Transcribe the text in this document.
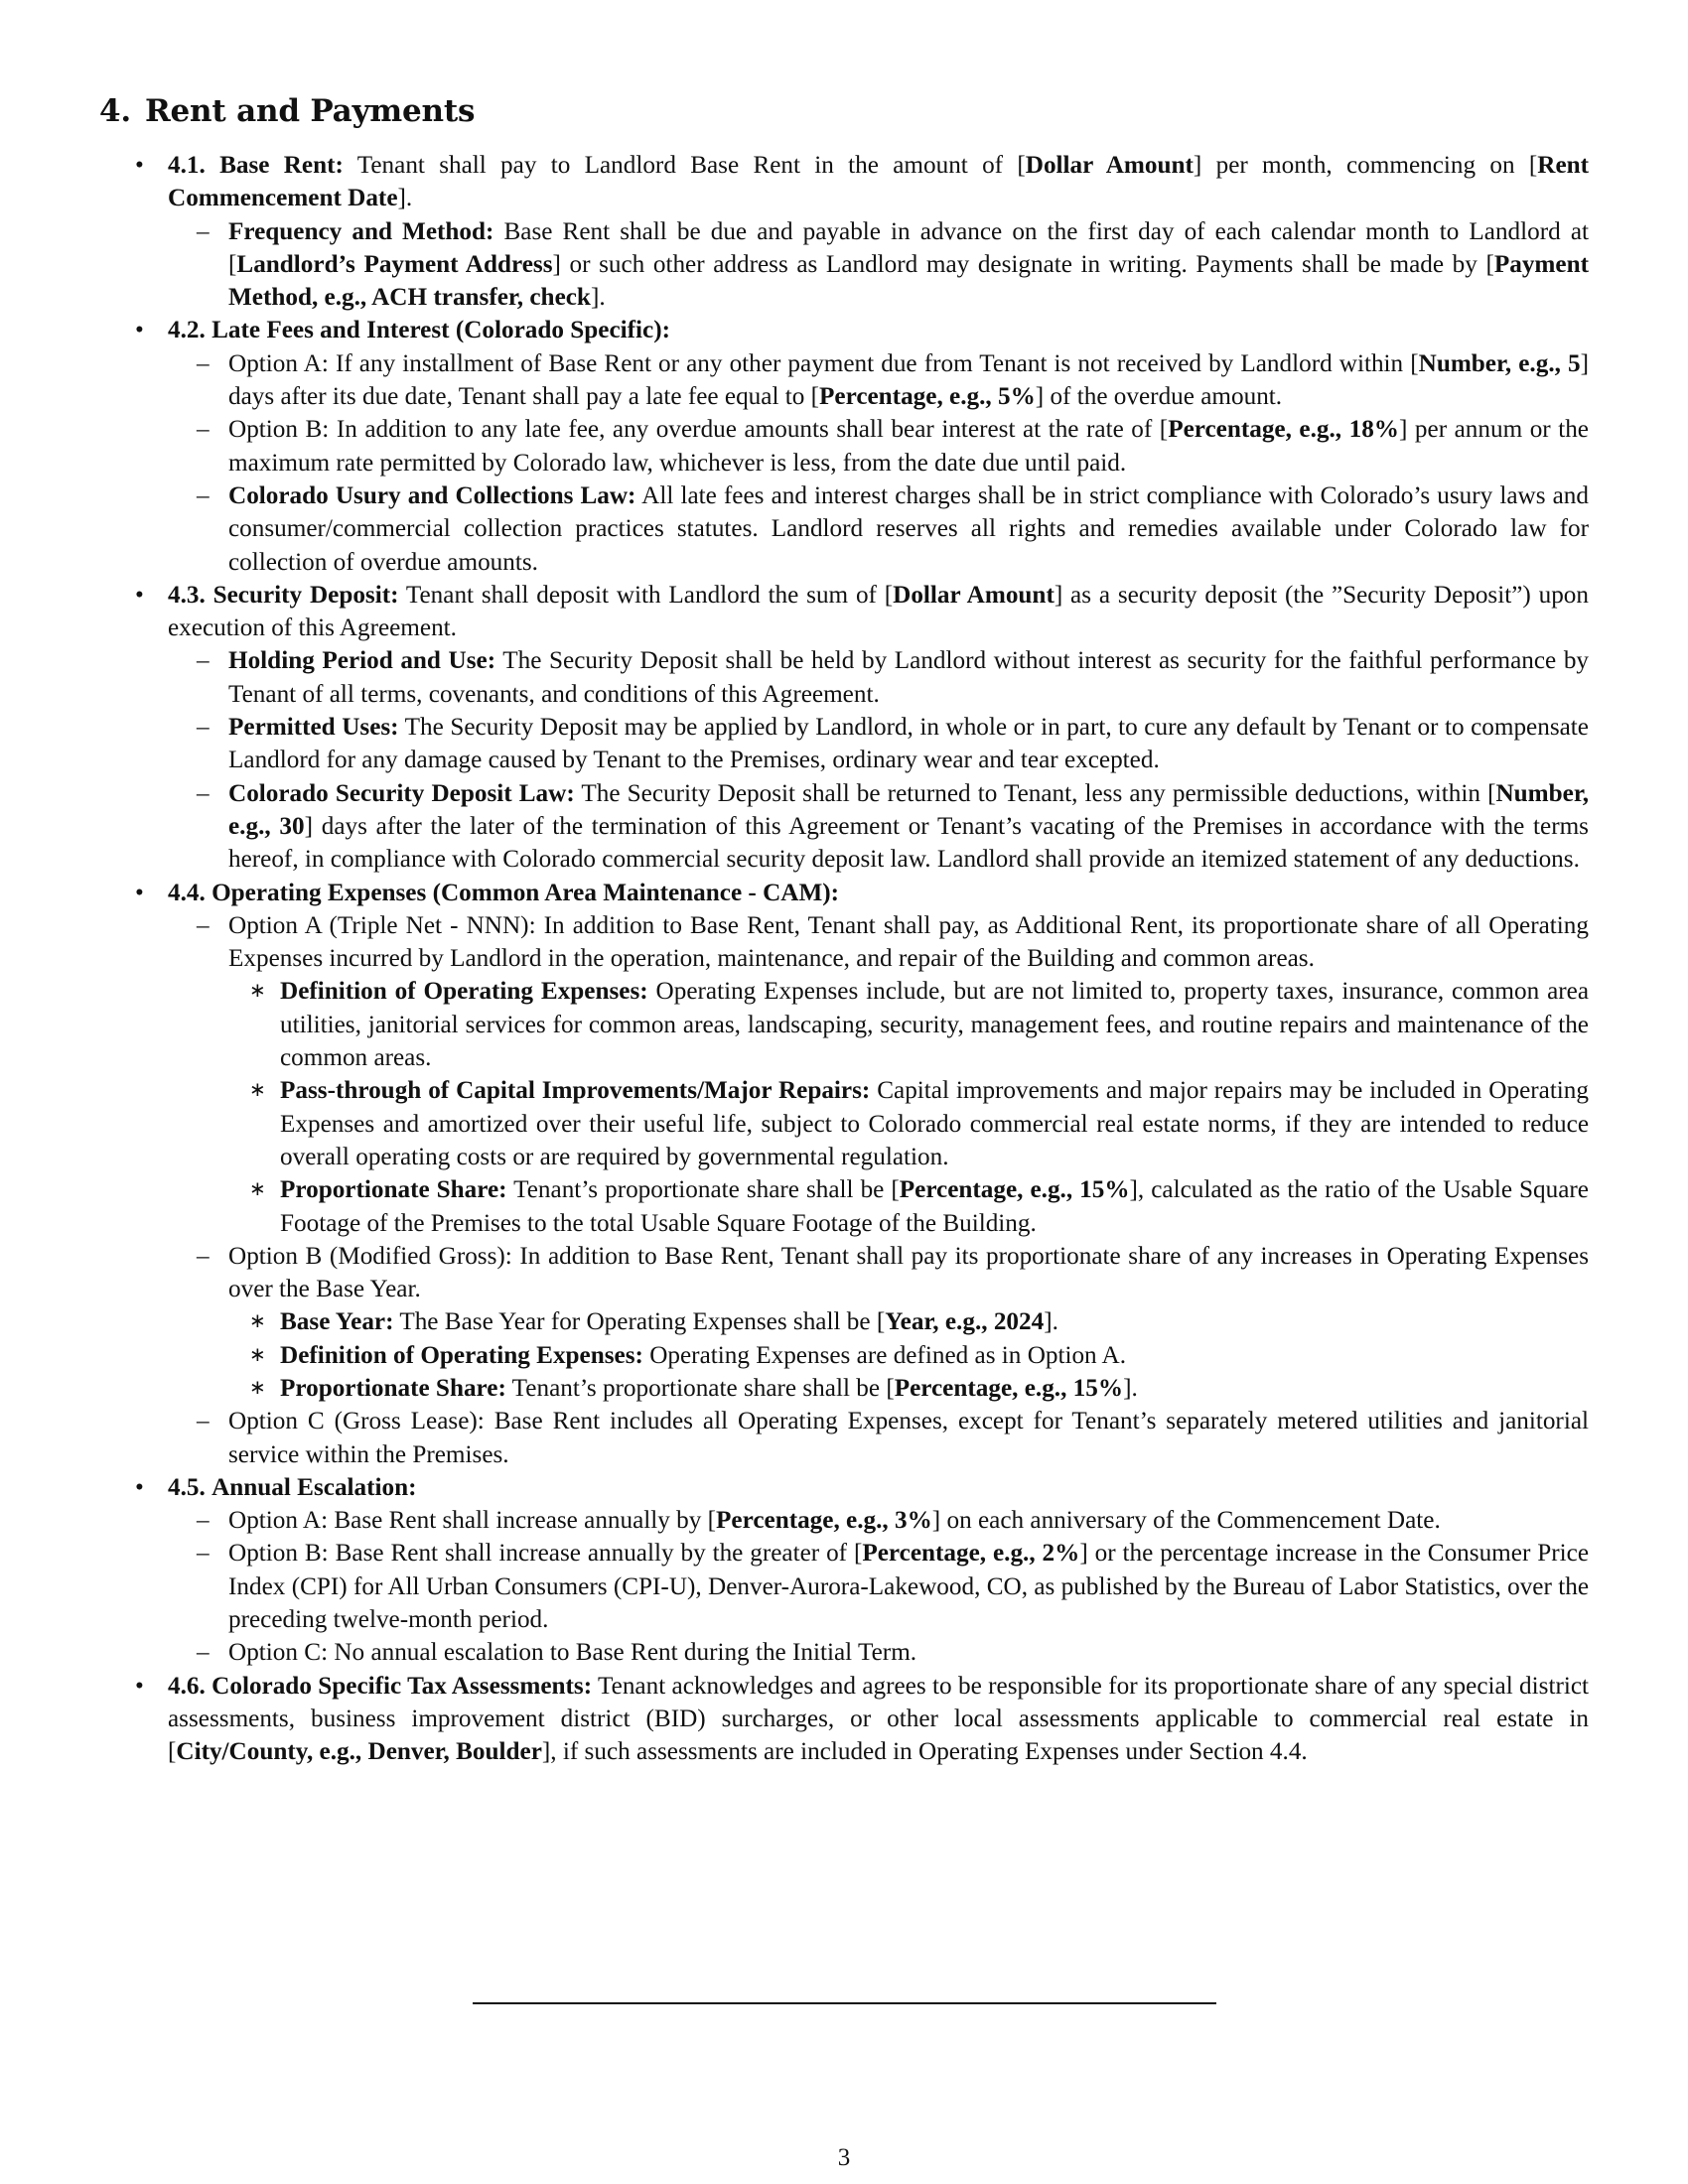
4. Rent and Payments
• 4.1. Base Rent: Tenant shall pay to Landlord Base Rent in the amount of [Dollar Amount] per month, commencing on [Rent Commencement Date].
– Frequency and Method: Base Rent shall be due and payable in advance on the first day of each calendar month to Landlord at [Landlord’s Payment Address] or such other address as Landlord may designate in writing. Payments shall be made by [Payment Method, e.g., ACH transfer, check].
• 4.2. Late Fees and Interest (Colorado Specific):
– Option A: If any installment of Base Rent or any other payment due from Tenant is not received by Landlord within [Number, e.g., 5] days after its due date, Tenant shall pay a late fee equal to [Percentage, e.g., 5%] of the overdue amount.
– Option B: In addition to any late fee, any overdue amounts shall bear interest at the rate of [Percentage, e.g., 18%] per annum or the maximum rate permitted by Colorado law, whichever is less, from the date due until paid.
– Colorado Usury and Collections Law: All late fees and interest charges shall be in strict compliance with Colorado’s usury laws and consumer/commercial collection practices statutes. Landlord reserves all rights and remedies available under Colorado law for collection of overdue amounts.
• 4.3. Security Deposit: Tenant shall deposit with Landlord the sum of [Dollar Amount] as a security deposit (the ”Security Deposit”) upon execution of this Agreement.
– Holding Period and Use: The Security Deposit shall be held by Landlord without interest as security for the faithful performance by Tenant of all terms, covenants, and conditions of this Agreement.
– Permitted Uses: The Security Deposit may be applied by Landlord, in whole or in part, to cure any default by Tenant or to compensate Landlord for any damage caused by Tenant to the Premises, ordinary wear and tear excepted.
– Colorado Security Deposit Law: The Security Deposit shall be returned to Tenant, less any permissible deductions, within [Number, e.g., 30] days after the later of the termination of this Agreement or Tenant’s vacating of the Premises in accordance with the terms hereof, in compliance with Colorado commercial security deposit law. Landlord shall provide an itemized statement of any deductions.
• 4.4. Operating Expenses (Common Area Maintenance - CAM):
– Option A (Triple Net - NNN): In addition to Base Rent, Tenant shall pay, as Additional Rent, its proportionate share of all Operating Expenses incurred by Landlord in the operation, maintenance, and repair of the Building and common areas.
∗ Definition of Operating Expenses: Operating Expenses include, but are not limited to, property taxes, insurance, common area utilities, janitorial services for common areas, landscaping, security, management fees, and routine repairs and maintenance of the common areas.
∗ Pass-through of Capital Improvements/Major Repairs: Capital improvements and major repairs may be included in Operating Expenses and amortized over their useful life, subject to Colorado commercial real estate norms, if they are intended to reduce overall operating costs or are required by governmental regulation.
∗ Proportionate Share: Tenant’s proportionate share shall be [Percentage, e.g., 15%], calculated as the ratio of the Usable Square Footage of the Premises to the total Usable Square Footage of the Building.
– Option B (Modified Gross): In addition to Base Rent, Tenant shall pay its proportionate share of any increases in Operating Expenses over the Base Year.
∗ Base Year: The Base Year for Operating Expenses shall be [Year, e.g., 2024].
∗ Definition of Operating Expenses: Operating Expenses are defined as in Option A.
∗ Proportionate Share: Tenant’s proportionate share shall be [Percentage, e.g., 15%].
– Option C (Gross Lease): Base Rent includes all Operating Expenses, except for Tenant’s separately metered utilities and janitorial service within the Premises.
• 4.5. Annual Escalation:
– Option A: Base Rent shall increase annually by [Percentage, e.g., 3%] on each anniversary of the Commencement Date.
– Option B: Base Rent shall increase annually by the greater of [Percentage, e.g., 2%] or the percentage increase in the Consumer Price Index (CPI) for All Urban Consumers (CPI-U), Denver-Aurora-Lakewood, CO, as published by the Bureau of Labor Statistics, over the preceding twelve-month period.
– Option C: No annual escalation to Base Rent during the Initial Term.
• 4.6. Colorado Specific Tax Assessments: Tenant acknowledges and agrees to be responsible for its proportionate share of any special district assessments, business improvement district (BID) surcharges, or other local assessments applicable to commercial real estate in [City/County, e.g., Denver, Boulder], if such assessments are included in Operating Expenses under Section 4.4.
3
